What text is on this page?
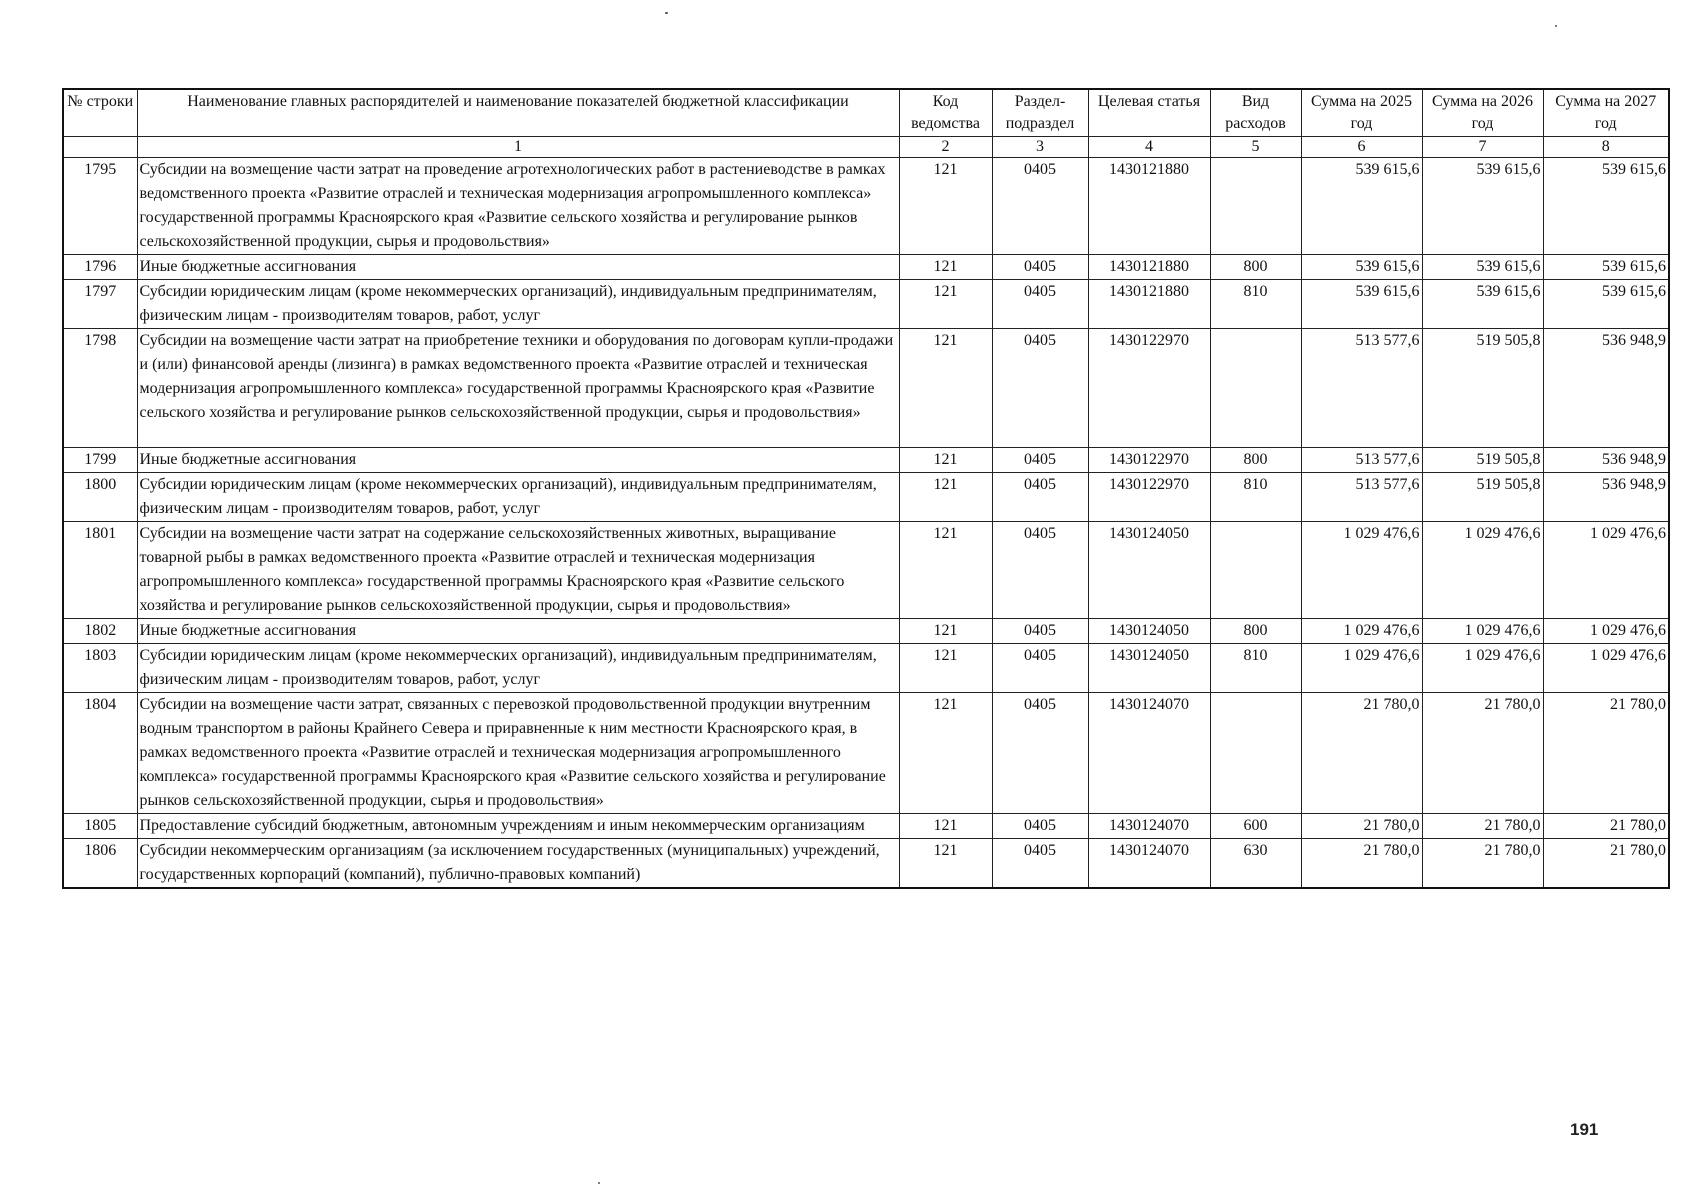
№ строки	Наименование главных распорядителей и наименование показателей бюджетной классификации	Код ведомства	Раздел-подраздел	Целевая статья	Вид расходов	Сумма на 2025 год	Сумма на 2026 год	Сумма на 2027 год
	1	2	3	4	5	6	7	8
1795	Субсидии на возмещение части затрат на проведение агротехнологических работ в растениеводстве в рамках ведомственного проекта «Развитие отраслей и техническая модернизация агропромышленного комплекса» государственной программы Красноярского края «Развитие сельского хозяйства и регулирование рынков сельскохозяйственной продукции, сырья и продовольствия»	121	0405	1430121880		539 615,6	539 615,6	539 615,6
1796	Иные бюджетные ассигнования	121	0405	1430121880	800	539 615,6	539 615,6	539 615,6
1797	Субсидии юридическим лицам (кроме некоммерческих организаций), индивидуальным предпринимателям, физическим лицам - производителям товаров, работ, услуг	121	0405	1430121880	810	539 615,6	539 615,6	539 615,6
1798	Субсидии на возмещение части затрат на приобретение техники и оборудования по договорам купли-продажи и (или) финансовой аренды (лизинга) в рамках ведомственного проекта «Развитие отраслей и техническая модернизация агропромышленного комплекса» государственной программы Красноярского края «Развитие сельского хозяйства и регулирование рынков сельскохозяйственной продукции, сырья и продовольствия»	121	0405	1430122970		513 577,6	519 505,8	536 948,9
1799	Иные бюджетные ассигнования	121	0405	1430122970	800	513 577,6	519 505,8	536 948,9
1800	Субсидии юридическим лицам (кроме некоммерческих организаций), индивидуальным предпринимателям, физическим лицам - производителям товаров, работ, услуг	121	0405	1430122970	810	513 577,6	519 505,8	536 948,9
1801	Субсидии на возмещение части затрат на содержание сельскохозяйственных животных, выращивание товарной рыбы в рамках ведомственного проекта «Развитие отраслей и техническая модернизация агропромышленного комплекса» государственной программы Красноярского края «Развитие сельского хозяйства и регулирование рынков сельскохозяйственной продукции, сырья и продовольствия»	121	0405	1430124050		1 029 476,6	1 029 476,6	1 029 476,6
1802	Иные бюджетные ассигнования	121	0405	1430124050	800	1 029 476,6	1 029 476,6	1 029 476,6
1803	Субсидии юридическим лицам (кроме некоммерческих организаций), индивидуальным предпринимателям, физическим лицам - производителям товаров, работ, услуг	121	0405	1430124050	810	1 029 476,6	1 029 476,6	1 029 476,6
1804	Субсидии на возмещение части затрат, связанных с перевозкой продовольственной продукции внутренним водным транспортом в районы Крайнего Севера и приравненные к ним местности Красноярского края, в рамках ведомственного проекта «Развитие отраслей и техническая модернизация агропромышленного комплекса» государственной программы Красноярского края «Развитие сельского хозяйства и регулирование рынков сельскохозяйственной продукции, сырья и продовольствия»	121	0405	1430124070		21 780,0	21 780,0	21 780,0
1805	Предоставление субсидий бюджетным, автономным учреждениям и иным некоммерческим организациям	121	0405	1430124070	600	21 780,0	21 780,0	21 780,0
1806	Субсидии некоммерческим организациям (за исключением государственных (муниципальных) учреждений, государственных корпораций (компаний), публично-правовых компаний)	121	0405	1430124070	630	21 780,0	21 780,0	21 780,0
191
